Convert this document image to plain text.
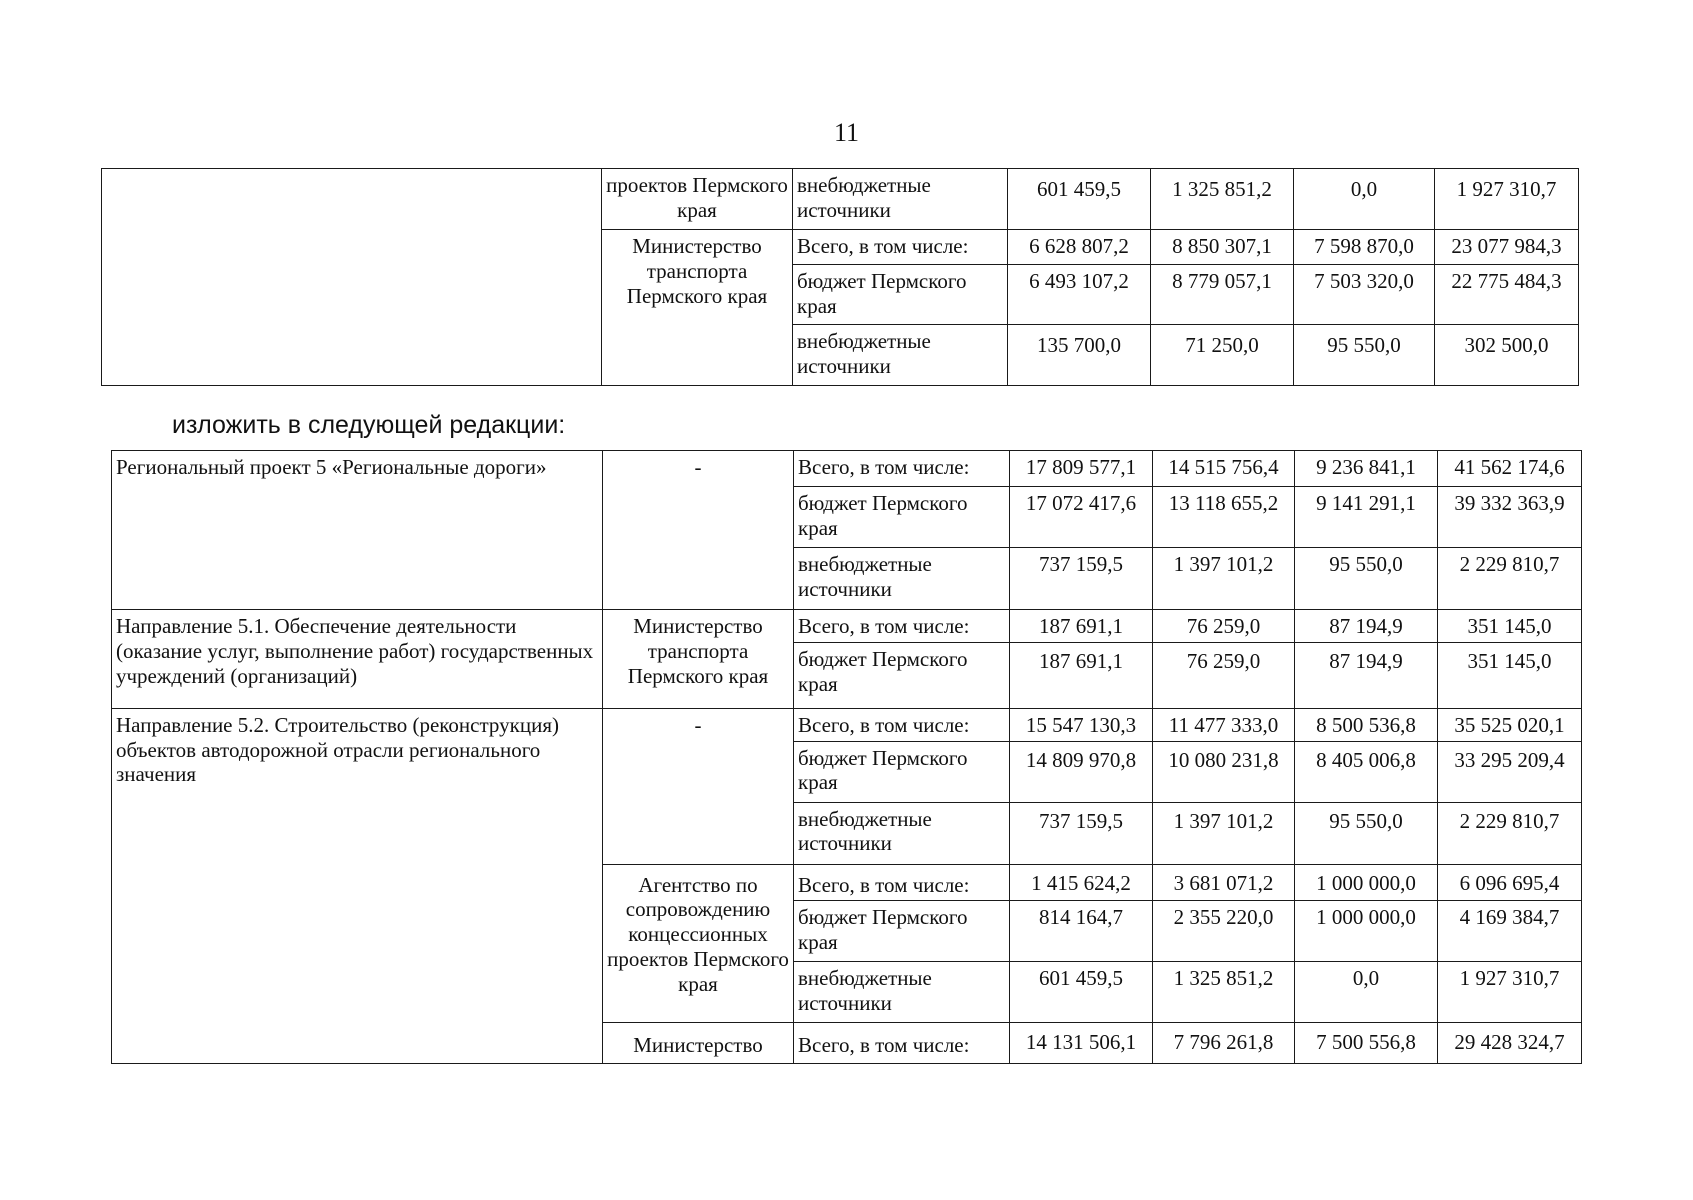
11
	проектов Пермского края	внебюджетные источники	601 459,5	1 325 851,2	0,0	1 927 310,7
	Министерство транспорта Пермского края	Всего, в том числе:	6 628 807,2	8 850 307,1	7 598 870,0	23 077 984,3
		бюджет Пермского края	6 493 107,2	8 779 057,1	7 503 320,0	22 775 484,3
		внебюджетные источники	135 700,0	71 250,0	95 550,0	302 500,0
изложить в следующей редакции:
Региональный проект 5 «Региональные дороги»	-	Всего, в том числе:	17 809 577,1	14 515 756,4	9 236 841,1	41 562 174,6
		бюджет Пермского края	17 072 417,6	13 118 655,2	9 141 291,1	39 332 363,9
		внебюджетные источники	737 159,5	1 397 101,2	95 550,0	2 229 810,7
Направление 5.1. Обеспечение деятельности (оказание услуг, выполнение работ) государственных учреждений (организаций)	Министерство транспорта Пермского края	Всего, в том числе:	187 691,1	76 259,0	87 194,9	351 145,0
		бюджет Пермского края	187 691,1	76 259,0	87 194,9	351 145,0
Направление 5.2. Строительство (реконструкция) объектов автодорожной отрасли регионального значения	-	Всего, в том числе:	15 547 130,3	11 477 333,0	8 500 536,8	35 525 020,1
		бюджет Пермского края	14 809 970,8	10 080 231,8	8 405 006,8	33 295 209,4
		внебюджетные источники	737 159,5	1 397 101,2	95 550,0	2 229 810,7
	Агентство по сопровождению концессионных проектов Пермского края	Всего, в том числе:	1 415 624,2	3 681 071,2	1 000 000,0	6 096 695,4
		бюджет Пермского края	814 164,7	2 355 220,0	1 000 000,0	4 169 384,7
		внебюджетные источники	601 459,5	1 325 851,2	0,0	1 927 310,7
	Министерство	Всего, в том числе:	14 131 506,1	7 796 261,8	7 500 556,8	29 428 324,7
